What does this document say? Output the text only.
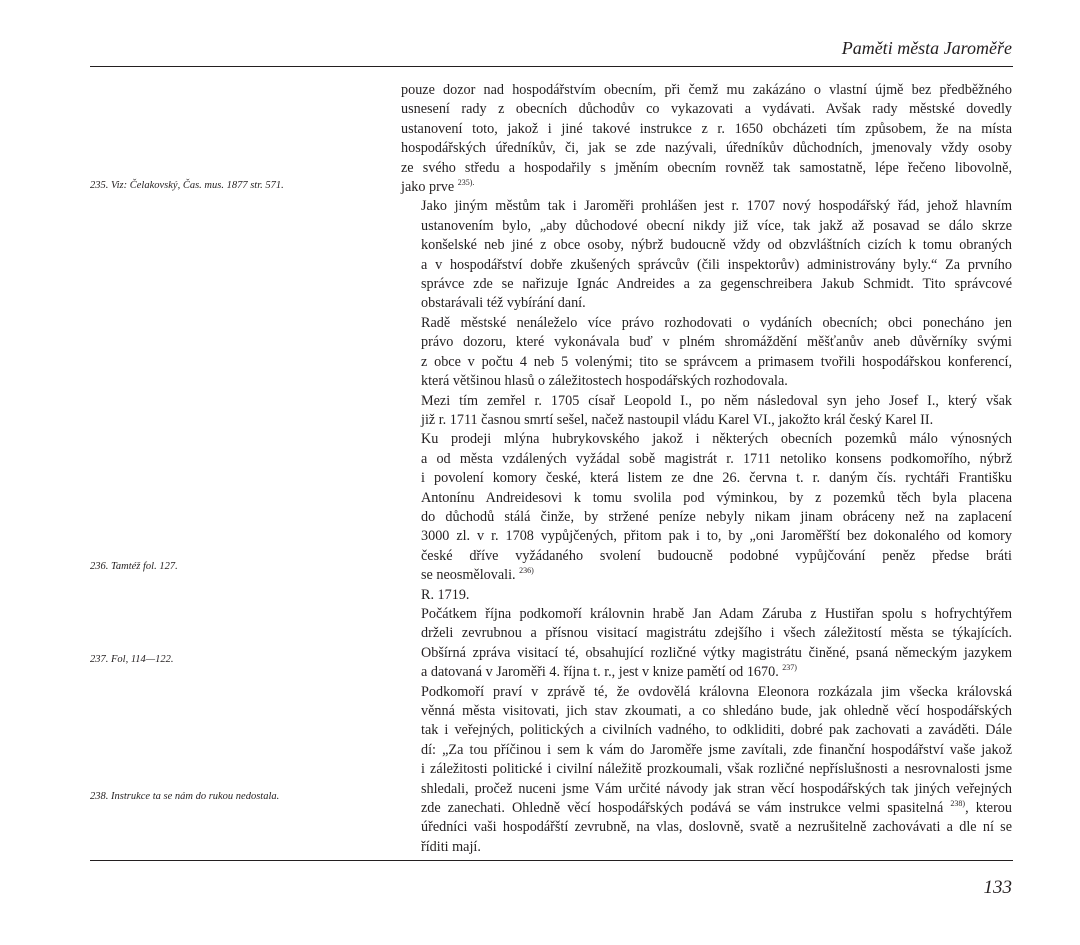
Paměti města Jaroměře
235. Viz: Čelakovský, Čas. mus. 1877 str. 571.
236. Tamtéž fol. 127.
237. Fol, 114—122.
238. Instrukce ta se nám do rukou nedostala.

pouze dozor nad hospodářstvím obecním, při čemž mu zakázáno o vlastní újmě bez předběžného
usnesení rady z obecních důchodův co vykazovati a vydávati. Avšak rady městské dovedly
ustanovení toto, jakož i jiné takové instrukce z r. 1650 obcházeti tím způsobem, že na místa
hospodářských úředníkův, či, jak se zde nazývali, úředníkův důchodních, jmenovaly vždy osoby
ze svého středu a hospodařily s jměním obecním rovněž tak samostatně, lépe řečeno libovolně,
jako prve $^{235).}$

Jako jiným městům tak i Jaroměři prohlášen jest r. 1707 nový hospodářský řád, jehož hlavním
ustanovením bylo, „aby důchodové obecní nikdy již více, tak jakž až posavad se dálo skrze
konšelské neb jiné z obce osoby, nýbrž budoucně vždy od obzvláštních cizích k tomu obraných
a v hospodářství dobře zkušených správcův (čili inspektorův) administrovány byly.“ Za prvního
správce zde se nařizuje Ignác Andreides a za gegenschreibera Jakub Schmidt. Tito správcové
obstarávali též vybírání daní.

Radě městské nenáleželo více právo rozhodovati o vydáních obecních; obci ponecháno jen
právo dozoru, které vykonávala buď v plném shromáždění měšťanův aneb důvěrníky svými
z obce v počtu 4 neb 5 volenými; tito se správcem a primasem tvořili hospodářskou konferencí,
která většinou hlasů o záležitostech hospodářských rozhodovala.

Mezi tím zemřel r. 1705 císař Leopold I., po něm následoval syn jeho Josef I., který však
již r. 1711 časnou smrtí sešel, načež nastoupil vládu Karel VI., jakožto král český Karel II.

Ku prodeji mlýna hubrykovského jakož i některých obecních pozemků málo výnosných
a od města vzdálených vyžádal sobě magistrát r. 1711 netoliko konsens podkomořího, nýbrž
i povolení komory české, která listem ze dne 26. června t. r. daným čís. rychtáři Františku
Antonínu Andreidesovi k tomu svolila pod výminkou, by z pozemků těch byla placena
do důchodů stálá činže, by stržené peníze nebyly nikam jinam obráceny než na zaplacení
3000 zl. v r. 1708 vypůjčených, přitom pak i to, by „oni Jaroměřští bez dokonalého od komory
české dříve vyžádaného svolení budoucně podobné vypůjčování peněz předse bráti
se neosmělovali. $^{236)}$

R. 1719.

Počátkem října podkomoří královnin hrabě Jan Adam Záruba z Hustiřan spolu s hofrychtýřem
drželi zevrubnou a přísnou visitací magistrátu zdejšího i všech záležitostí města se týkajících.
Obšírná zpráva visitací té, obsahující rozličné výtky magistrátu činěné, psaná německým jazykem
a datovaná v Jaroměři 4. října t. r., jest v knize pamětí od 1670. $^{237)}$

Podkomoří praví v zprávě té, že ovdovělá královna Eleonora rozkázala jim všecka královská
věnná města visitovati, jich stav zkoumati, a co shledáno bude, jak ohledně věcí hospodářských
tak i veřejných, politických a civilních vadného, to odkliditi, dobré pak zachovati a zaváděti. Dále
dí: „Za tou příčinou i sem k vám do Jaroměře jsme zavítali, zde finanční hospodářství vaše jakož
i záležitosti politické i civilní náležitě prozkoumali, však rozličné nepříslušnosti a nesrovnalosti jsme
shledali, pročež nuceni jsme Vám určité návody jak stran věcí hospodářských tak jiných veřejných
zde zanechati. Ohledně věcí hospodářských podává se vám instrukce velmi spasitelná $^{238)}$, kterou
úředníci vaši hospodářští zevrubně, na vlas, doslovně, svatě a nezrušitelně zachovávati a dle ní se
říditi mají.

133
